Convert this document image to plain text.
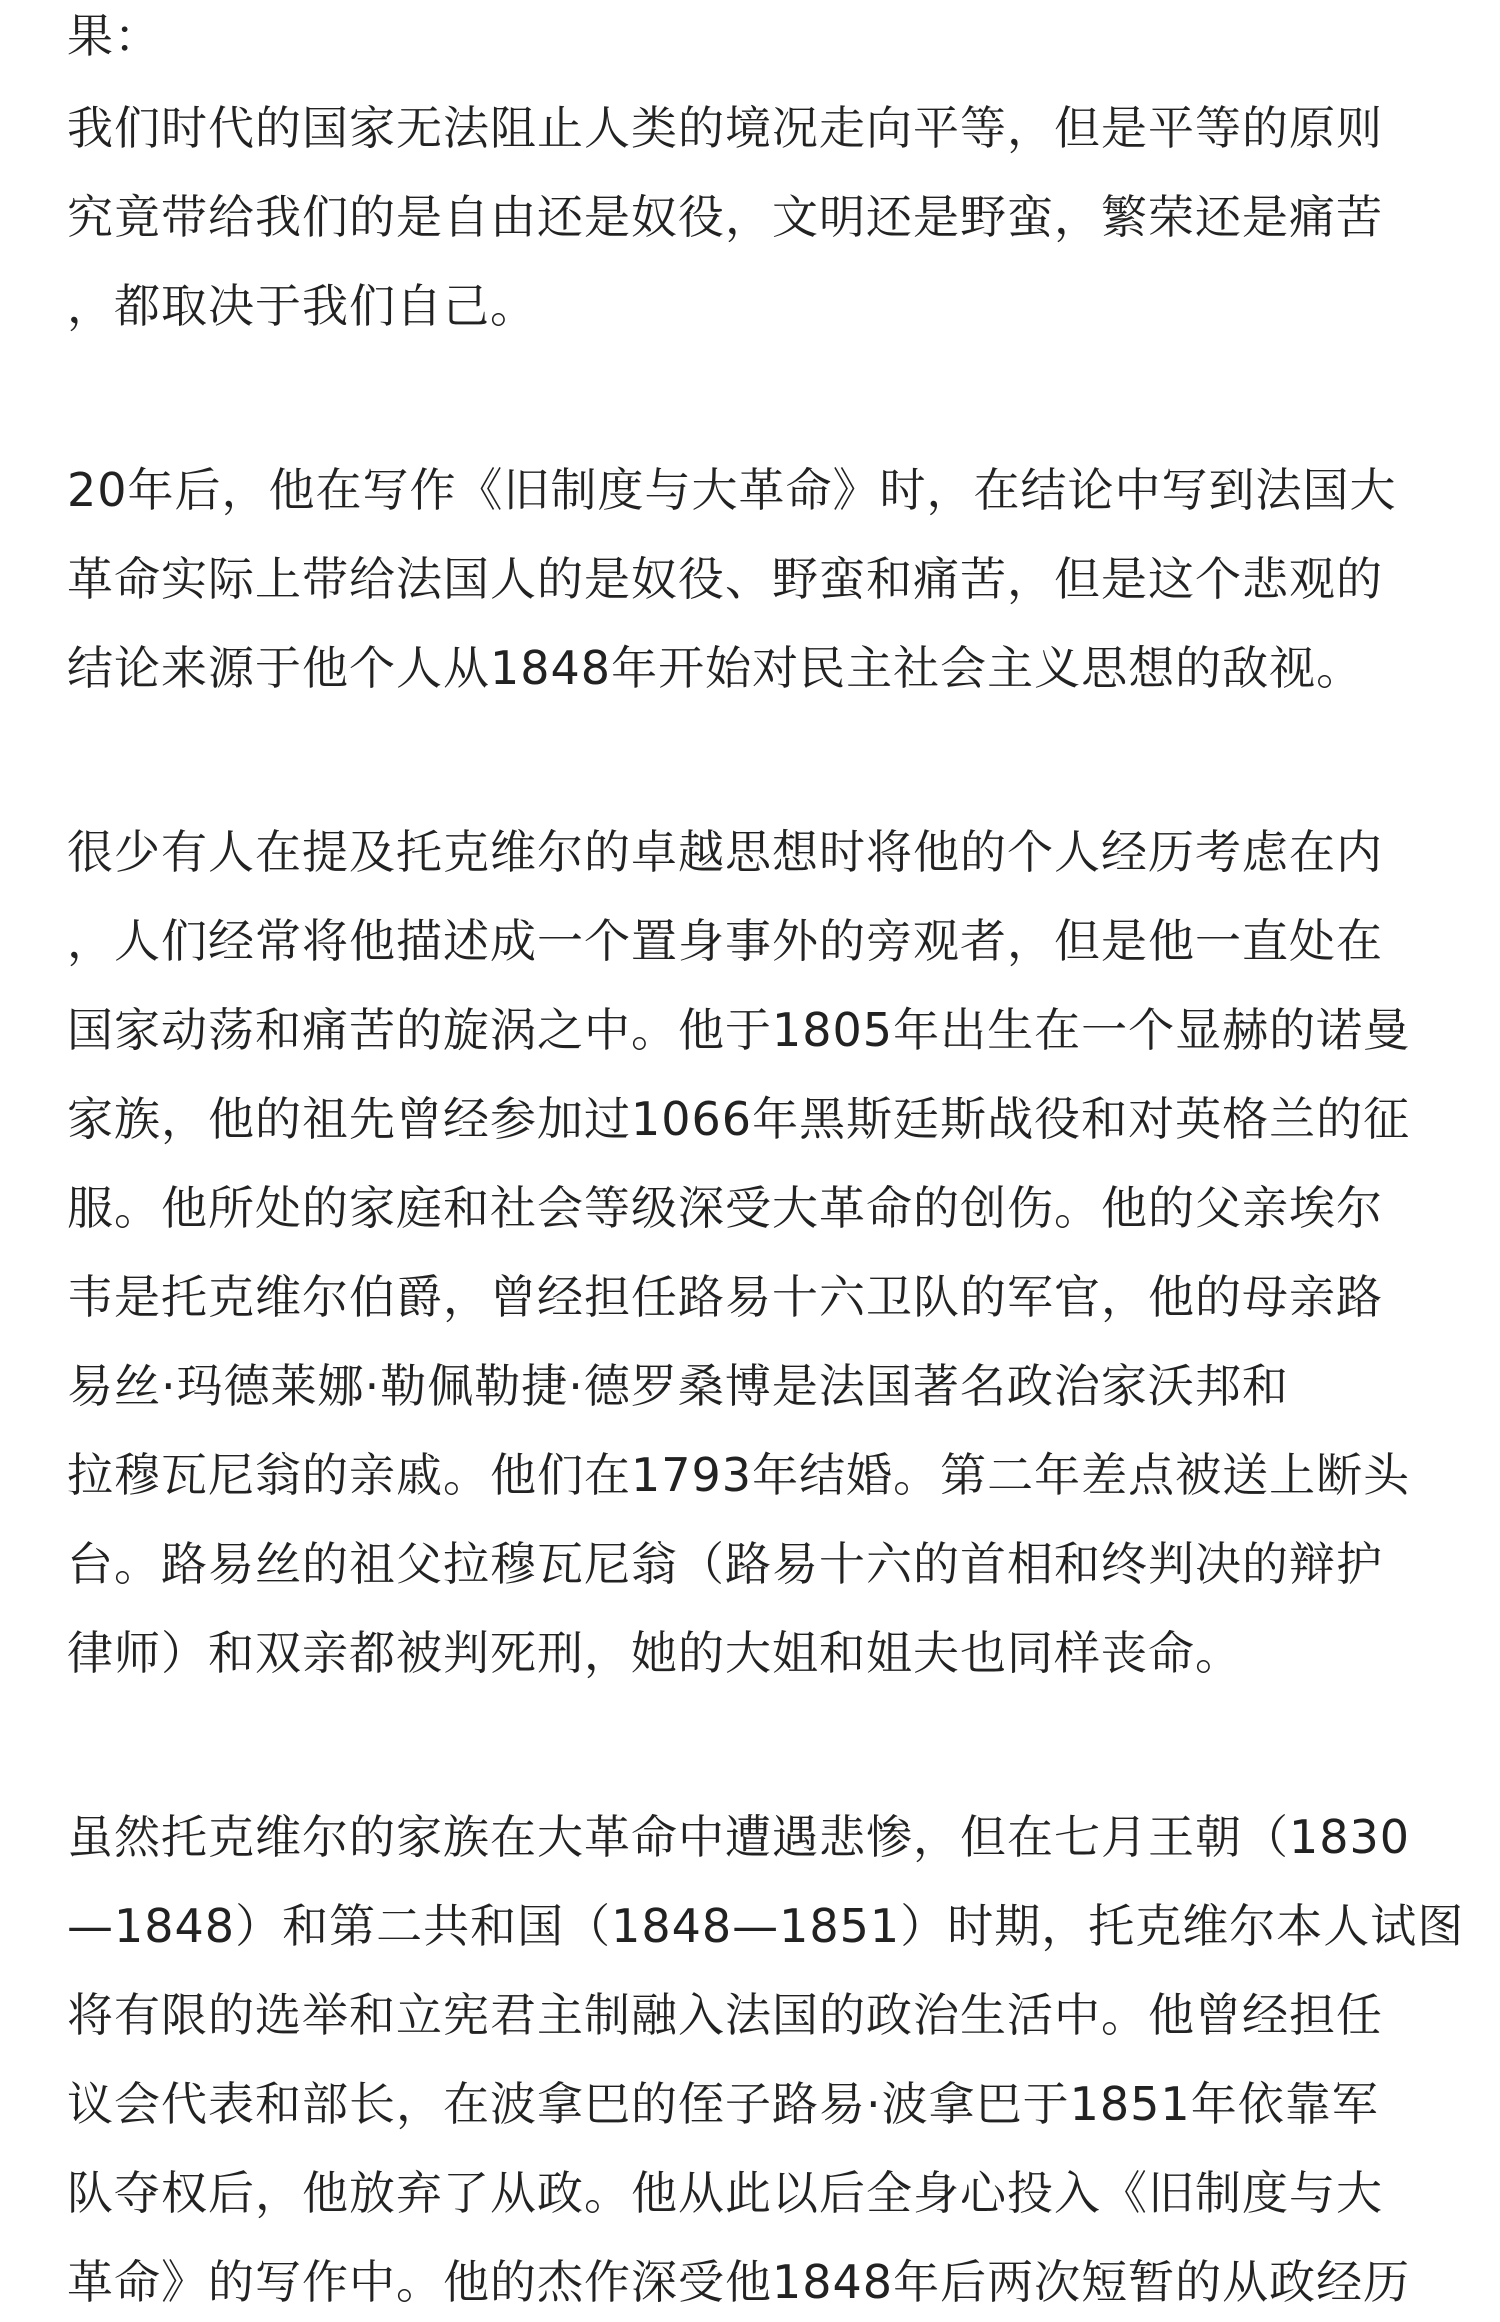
果：
我们时代的国家无法阻止人类的境况走向平等，但是平等的原则
究竟带给我们的是自由还是奴役，文明还是野蛮，繁荣还是痛苦
，都取决于我们自己。
20年后，他在写作《旧制度与大革命》时，在结论中写到法国大
革命实际上带给法国人的是奴役、野蛮和痛苦，但是这个悲观的
结论来源于他个人从1848年开始对民主社会主义思想的敌视。
很少有人在提及托克维尔的卓越思想时将他的个人经历考虑在内
，人们经常将他描述成一个置身事外的旁观者，但是他一直处在
国家动荡和痛苦的旋涡之中。他于1805年出生在一个显赫的诺曼
家族，他的祖先曾经参加过1066年黑斯廷斯战役和对英格兰的征
服。他所处的家庭和社会等级深受大革命的创伤。他的父亲埃尔
韦是托克维尔伯爵，曾经担任路易十六卫队的军官，他的母亲路
易丝·玛德莱娜·勒佩勒捷·德罗桑博是法国著名政治家沃邦和
拉穆瓦尼翁的亲戚。他们在1793年结婚。第二年差点被送上断头
台。路易丝的祖父拉穆瓦尼翁（路易十六的首相和终判决的辩护
律师）和双亲都被判死刑，她的大姐和姐夫也同样丧命。
虽然托克维尔的家族在大革命中遭遇悲惨，但在七月王朝（1830
—1848）和第二共和国（1848—1851）时期，托克维尔本人试图
将有限的选举和立宪君主制融入法国的政治生活中。他曾经担任
议会代表和部长，在波拿巴的侄子路易·波拿巴于1851年依靠军
队夺权后，他放弃了从政。他从此以后全身心投入《旧制度与大
革命》的写作中。他的杰作深受他1848年后两次短暂的从政经历
